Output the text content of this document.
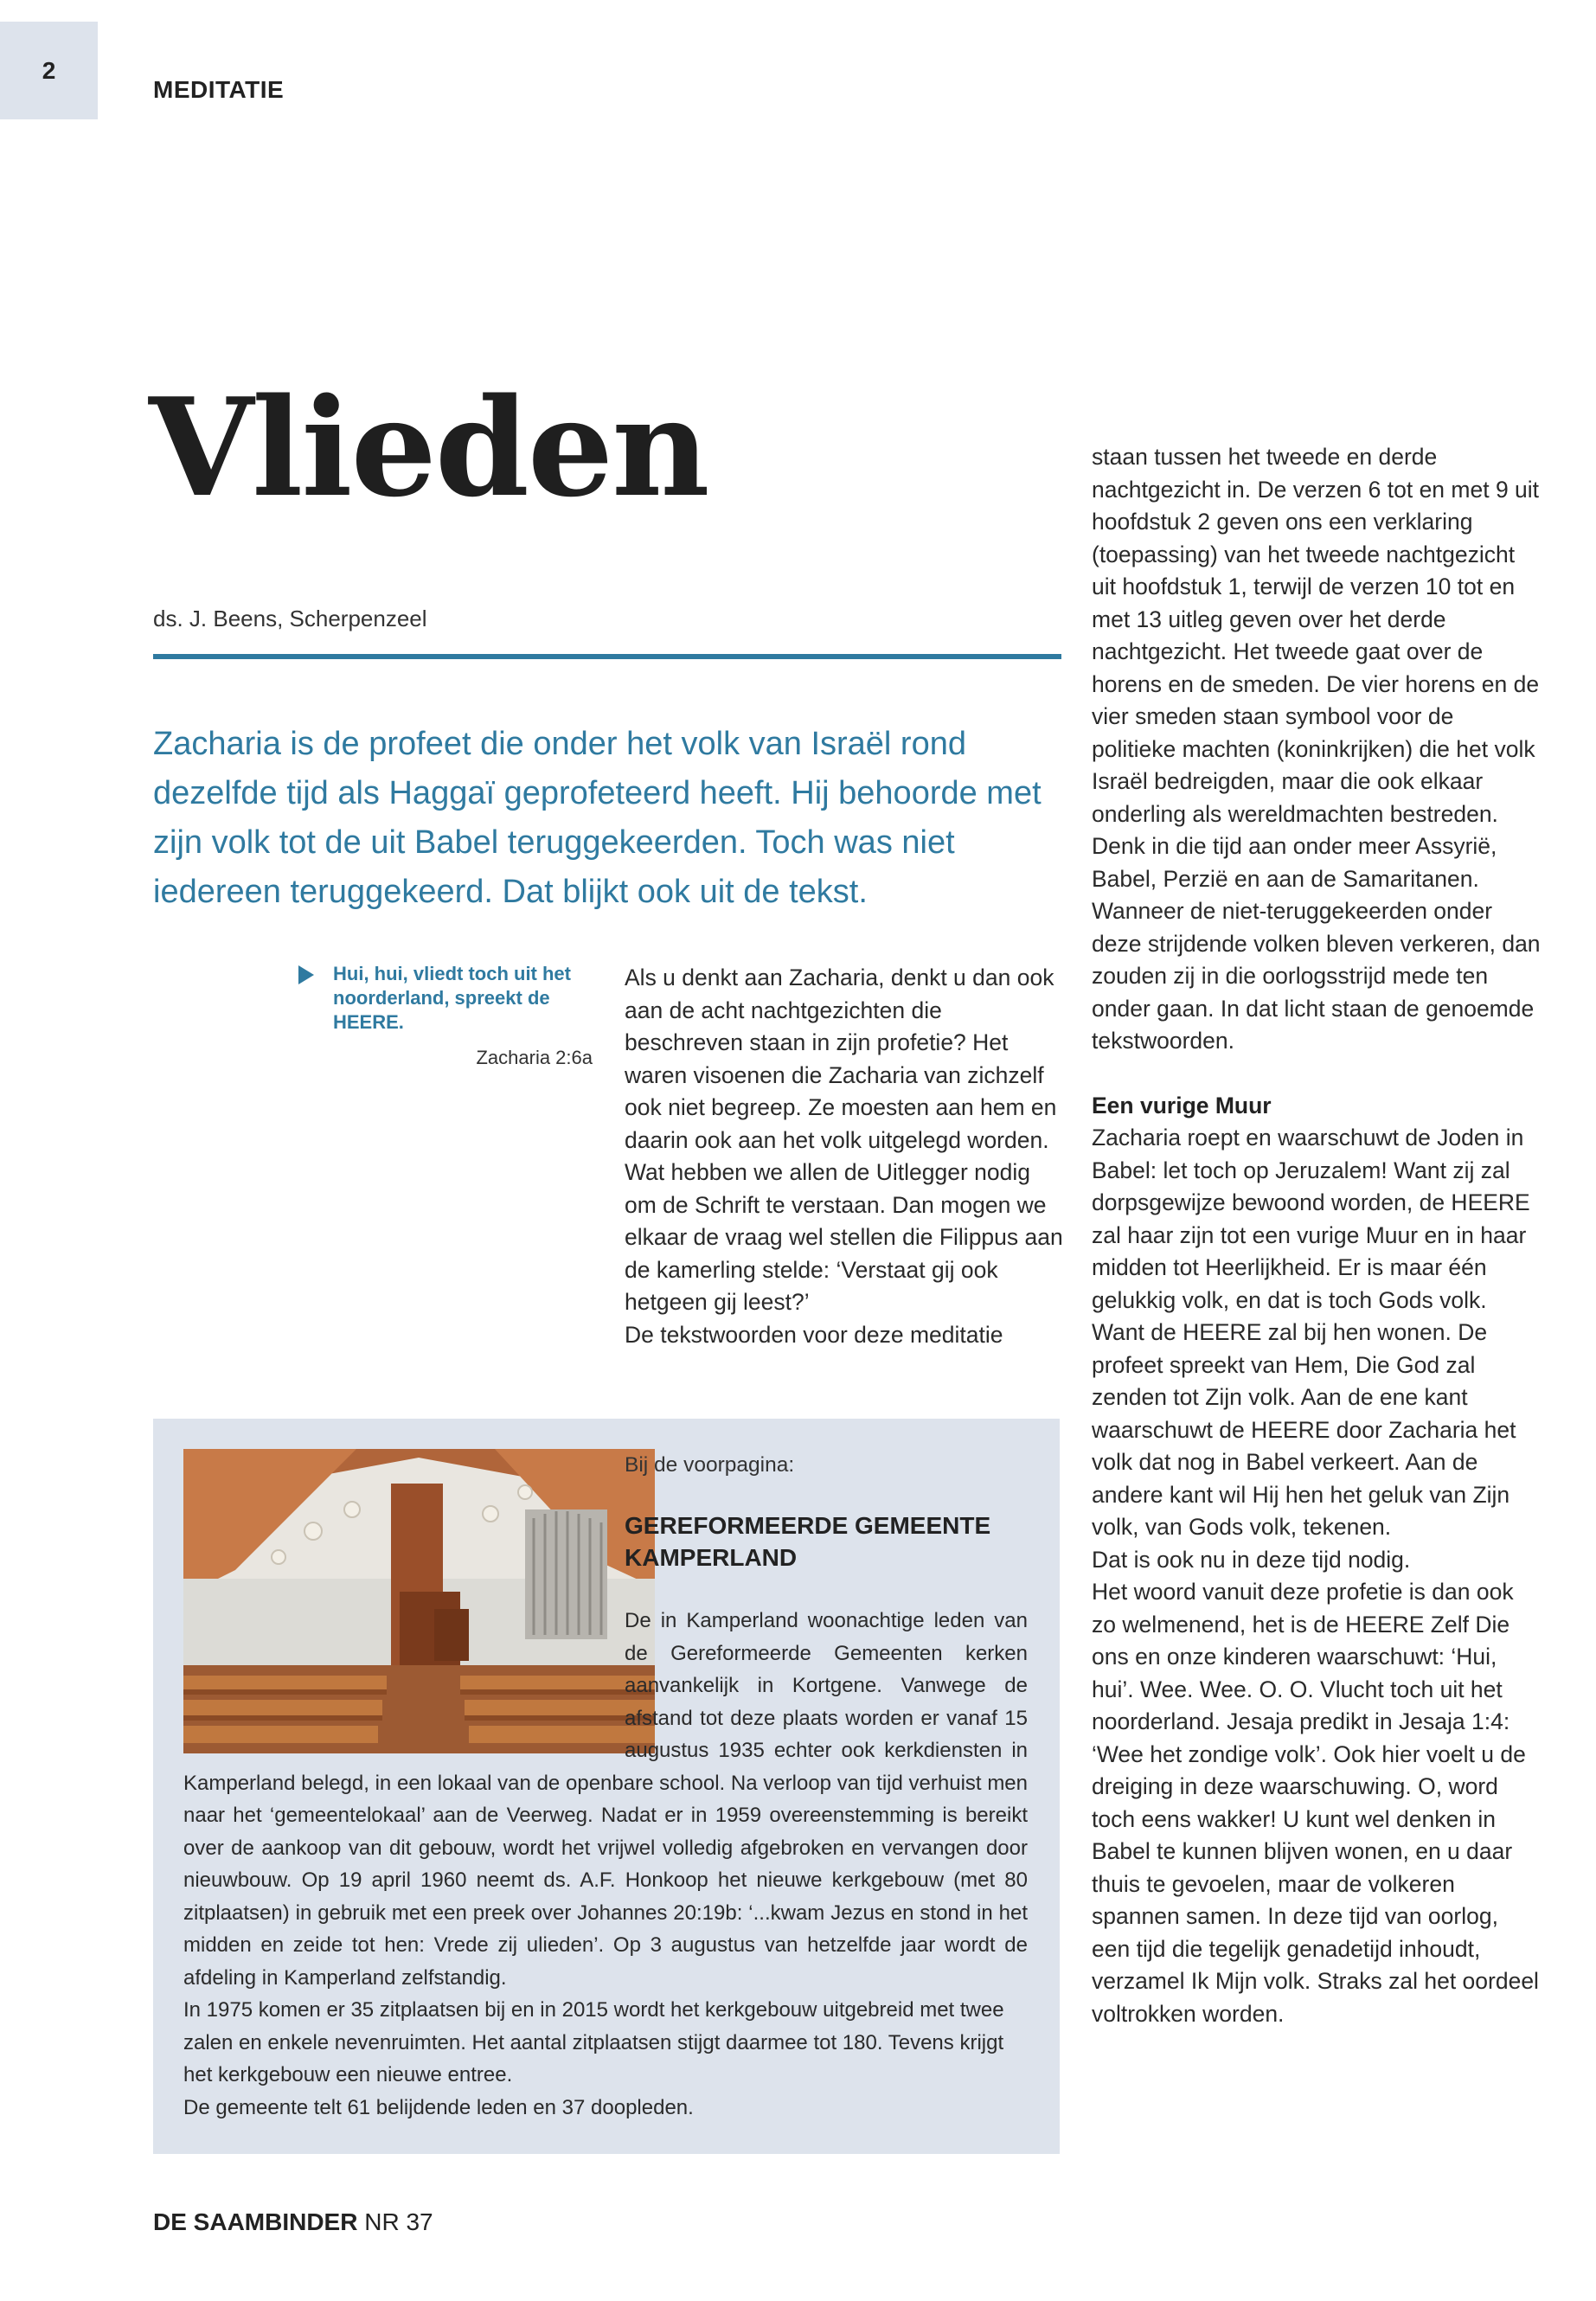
2
MEDITATIE
Vlieden
ds. J. Beens, Scherpenzeel
Zacharia is de profeet die onder het volk van Israël rond dezelfde tijd als Haggaï geprofeteerd heeft. Hij behoorde met zijn volk tot de uit Babel teruggekeerden. Toch was niet iedereen teruggekeerd. Dat blijkt ook uit de tekst.
Hui, hui, vliedt toch uit het noorderland, spreekt de HEERE.
Zacharia 2:6a

Als u denkt aan Zacharia, denkt u dan ook aan de acht nachtgezichten die beschreven staan in zijn profetie? Het waren visoenen die Zacharia van zichzelf ook niet begreep. Ze moesten aan hem en daarin ook aan het volk uitgelegd worden. Wat hebben we allen de Uitlegger nodig om de Schrift te verstaan. Dan mogen we elkaar de vraag wel stellen die Filippus aan de kamerling stelde: ‘Verstaat gij ook hetgeen gij leest?’

De tekstwoorden voor deze meditatie

staan tussen het tweede en derde nachtgezicht in. De verzen 6 tot en met 9 uit hoofdstuk 2 geven ons een verklaring (toepassing) van het tweede nachtgezicht uit hoofdstuk 1, terwijl de verzen 10 tot en met 13 uitleg geven over het derde nachtgezicht. Het tweede gaat over de horens en de smeden. De vier horens en de vier smeden staan symbool voor de politieke machten (koninkrijken) die het volk Israël bedreigden, maar die ook elkaar onderling als wereldmachten bestreden. Denk in die tijd aan onder meer Assyrië, Babel, Perzië en aan de Samaritanen. Wanneer de niet-teruggekeerden onder deze strijdende volken bleven verkeren, dan zouden zij in die oorlogsstrijd mede ten onder gaan. In dat licht staan de genoemde tekstwoorden.

Een vurige Muur

Zacharia roept en waarschuwt de Joden in Babel: let toch op Jeruzalem! Want zij zal dorpsgewijze bewoond worden, de HEERE zal haar zijn tot een vurige Muur en in haar midden tot Heerlijkheid. Er is maar één gelukkig volk, en dat is toch Gods volk. Want de HEERE zal bij hen wonen. De profeet spreekt van Hem, Die God zal zenden tot Zijn volk. Aan de ene kant waarschuwt de HEERE door Zacharia het volk dat nog in Babel verkeert. Aan de andere kant wil Hij hen het geluk van Zijn volk, van Gods volk, tekenen.

Dat is ook nu in deze tijd nodig.

Het woord vanuit deze profetie is dan ook zo welmenend, het is de HEERE Zelf Die ons en onze kinderen waarschuwt: ‘Hui, hui’. Wee. Wee. O. O. Vlucht toch uit het noorderland. Jesaja predikt in Jesaja 1:4: ‘Wee het zondige volk’. Ook hier voelt u de dreiging in deze waarschuwing. O, word toch eens wakker! U kunt wel denken in Babel te kunnen blijven wonen, en u daar thuis te gevoelen, maar de volkeren spannen samen. In deze tijd van oorlog, een tijd die tegelijk genadetijd inhoudt, verzamel Ik Mijn volk. Straks zal het oordeel voltrokken worden.

Bij de voorpagina:
GEREFORMEERDE GEMEENTE KAMPERLAND

De in Kamperland woonachtige leden van de Gereformeerde Gemeenten kerken aanvankelijk in Kortgene. Vanwege de afstand tot deze plaats worden er vanaf 15 augustus 1935 echter ook kerkdiensten in Kamperland belegd, in een lokaal van de openbare school. Na verloop van tijd verhuist men naar het ‘gemeentelokaal’ aan de Veerweg. Nadat er in 1959 overeenstemming is bereikt over de aankoop van dit gebouw, wordt het vrijwel volledig afgebroken en vervangen door nieuwbouw. Op 19 april 1960 neemt ds. A.F. Honkoop het nieuwe kerkgebouw (met 80 zitplaatsen) in gebruik met een preek over Johannes 20:19b: ‘...kwam Jezus en stond in het midden en zeide tot hen: Vrede zij ulieden’. Op 3 augustus van hetzelfde jaar wordt de afdeling in Kamperland zelfstandig.

In 1975 komen er 35 zitplaatsen bij en in 2015 wordt het kerkgebouw uitgebreid met twee zalen en enkele nevenruimten. Het aantal zitplaatsen stijgt daarmee tot 180. Tevens krijgt het kerkgebouw een nieuwe entree.

De gemeente telt 61 belijdende leden en 37 doopleden.

DE SAAMBINDER NR 37
